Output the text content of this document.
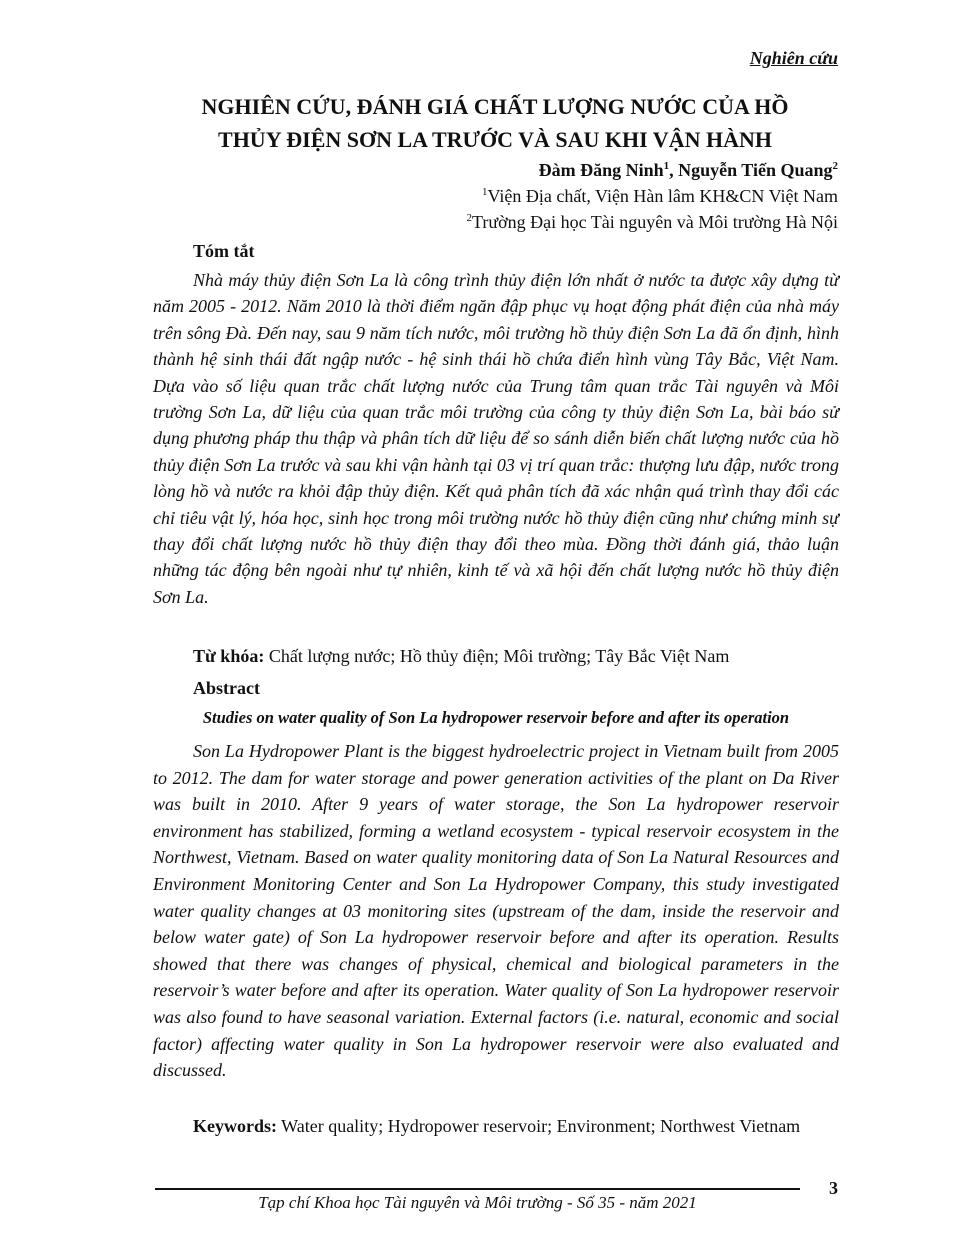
Nghiên cứu
NGHIÊN CỨU, ĐÁNH GIÁ CHẤT LƯỢNG NƯỚC CỦA HỒ
THỦY ĐIỆN SƠN LA TRƯỚC VÀ SAU KHI VẬN HÀNH
Đàm Đăng Ninh$^1$, Nguyễn Tiến Quang$^2$
$^1$Viện Địa chất, Viện Hàn lâm KH&CN Việt Nam
$^2$Trường Đại học Tài nguyên và Môi trường Hà Nội
Tóm tắt

Nhà máy thủy điện Sơn La là công trình thủy điện lớn nhất ở nước ta được xây dựng từ năm 2005 - 2012. Năm 2010 là thời điểm ngăn đập phục vụ hoạt động phát điện của nhà máy trên sông Đà. Đến nay, sau 9 năm tích nước, môi trường hồ thủy điện Sơn La đã ổn định, hình thành hệ sinh thái đất ngập nước - hệ sinh thái hồ chứa điển hình vùng Tây Bắc, Việt Nam. Dựa vào số liệu quan trắc chất lượng nước của Trung tâm quan trắc Tài nguyên và Môi trường Sơn La, dữ liệu của quan trắc môi trường của công ty thủy điện Sơn La, bài báo sử dụng phương pháp thu thập và phân tích dữ liệu để so sánh diễn biến chất lượng nước của hồ thủy điện Sơn La trước và sau khi vận hành tại 03 vị trí quan trắc: thượng lưu đập, nước trong lòng hồ và nước ra khỏi đập thủy điện. Kết quả phân tích đã xác nhận quá trình thay đổi các chỉ tiêu vật lý, hóa học, sinh học trong môi trường nước hồ thủy điện cũng như chứng minh sự thay đổi chất lượng nước hồ thủy điện thay đổi theo mùa. Đồng thời đánh giá, thảo luận những tác động bên ngoài như tự nhiên, kinh tế và xã hội đến chất lượng nước hồ thủy điện Sơn La.

Từ khóa: Chất lượng nước; Hồ thủy điện; Môi trường; Tây Bắc Việt Nam
Abstract
Studies on water quality of Son La hydropower reservoir before and after its operation

Son La Hydropower Plant is the biggest hydroelectric project in Vietnam built from 2005 to 2012. The dam for water storage and power generation activities of the plant on Da River was built in 2010. After 9 years of water storage, the Son La hydropower reservoir environment has stabilized, forming a wetland ecosystem - typical reservoir ecosystem in the Northwest, Vietnam. Based on water quality monitoring data of Son La Natural Resources and Environment Monitoring Center and Son La Hydropower Company, this study investigated water quality changes at 03 monitoring sites (upstream of the dam, inside the reservoir and below water gate) of Son La hydropower reservoir before and after its operation. Results showed that there was changes of physical, chemical and biological parameters in the reservoir’s water before and after its operation. Water quality of Son La hydropower reservoir was also found to have seasonal variation. External factors (i.e. natural, economic and social factor) affecting water quality in Son La hydropower reservoir were also evaluated and discussed.

Keywords: Water quality; Hydropower reservoir; Environment; Northwest Vietnam

3
Tạp chí Khoa học Tài nguyên và Môi trường - Số 35 - năm 2021
